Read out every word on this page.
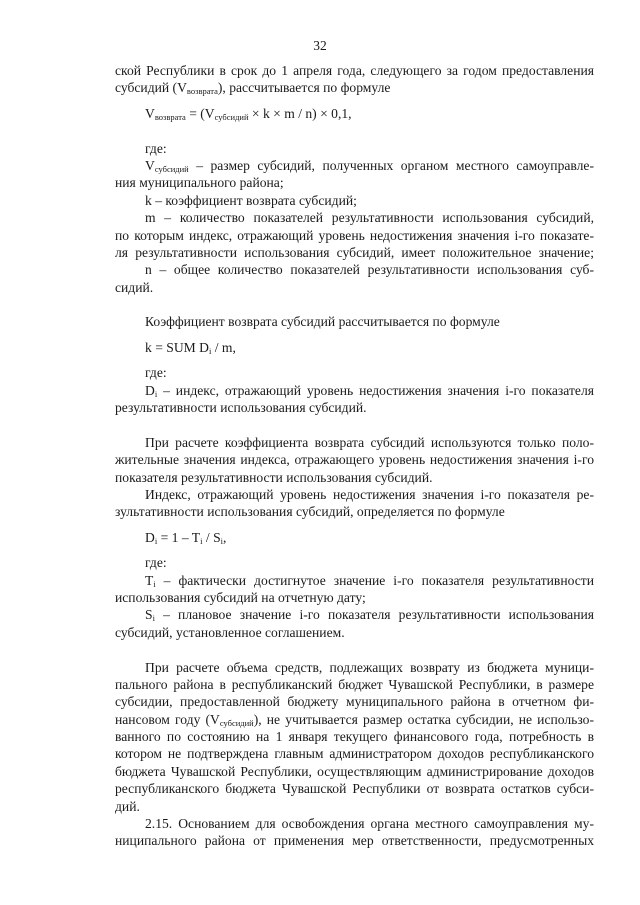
32
ской Республики в срок до 1 апреля года, следующего за годом предоставления
субсидий $(V_{возврата})$, рассчитывается по формуле
$V_{возврата} = (V_{субсидий} \times k \times m / n) \times 0,1$,
где:
$V_{субсидий}$ – размер субсидий, полученных органом местного самоуправле-
ния муниципального района;
k – коэффициент возврата субсидий;
m – количество показателей результативности использования субсидий,
по которым индекс, отражающий уровень недостижения значения i-го показате-
ля результативности использования субсидий, имеет положительное значение;
n – общее количество показателей результативности использования суб-
сидий.
Коэффициент возврата субсидий рассчитывается по формуле
k = SUM $D_i$ / m,
где:
$D_i$ – индекс, отражающий уровень недостижения значения i-го показателя
результативности использования субсидий.
При расчете коэффициента возврата субсидий используются только поло-
жительные значения индекса, отражающего уровень недостижения значения i-го
показателя результативности использования субсидий.
Индекс, отражающий уровень недостижения значения i-го показателя ре-
зультативности использования субсидий, определяется по формуле
$D_i = 1 - T_i / S_i$,
где:
$T_i$ – фактически достигнутое значение i-го показателя результативности
использования субсидий на отчетную дату;
$S_i$ – плановое значение i-го показателя результативности использования
субсидий, установленное соглашением.
При расчете объема средств, подлежащих возврату из бюджета муници-
пального района в республиканский бюджет Чувашской Республики, в размере
субсидии, предоставленной бюджету муниципального района в отчетном фи-
нансовом году $(V_{субсидий})$, не учитывается размер остатка субсидии, не использо-
ванного по состоянию на 1 января текущего финансового года, потребность в
котором не подтверждена главным администратором доходов республиканского
бюджета Чувашской Республики, осуществляющим администрирование доходов
республиканского бюджета Чувашской Республики от возврата остатков субси-
дий.
2.15. Основанием для освобождения органа местного самоуправления му-
ниципального района от применения мер ответственности, предусмотренных
